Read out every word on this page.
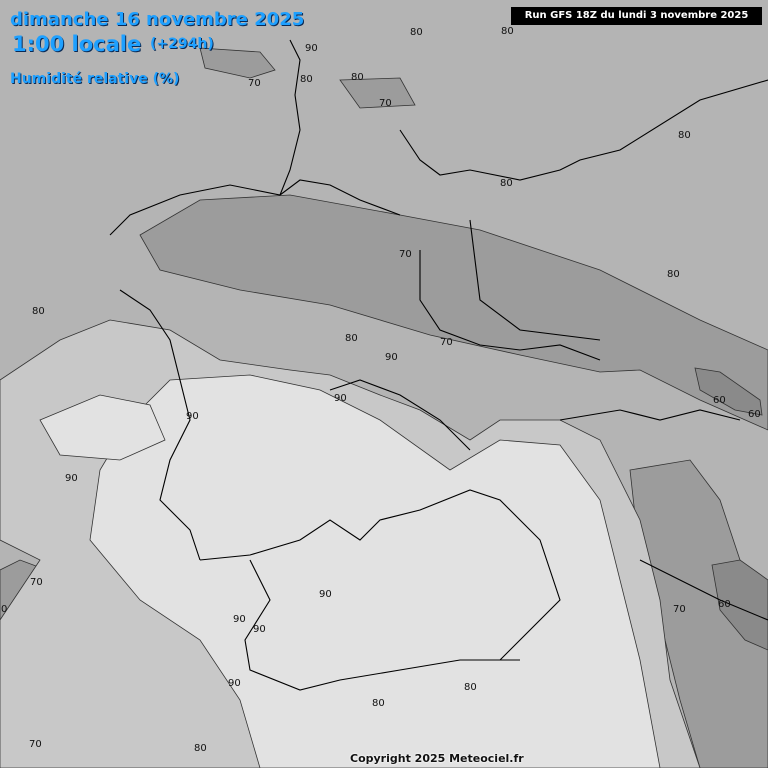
90
80	80
80
70
80
70
80
80
70
80
80
70
90
90
90
90
80
60
60
70
90
90
70	60
90
80
80
90
70
0
80
dimanche 16 novembre 2025
1:00 locale (+294h)
Humidité relative (%)
Run GFS 18Z du lundi 3 novembre 2025
Copyright 2025 Meteociel.fr
